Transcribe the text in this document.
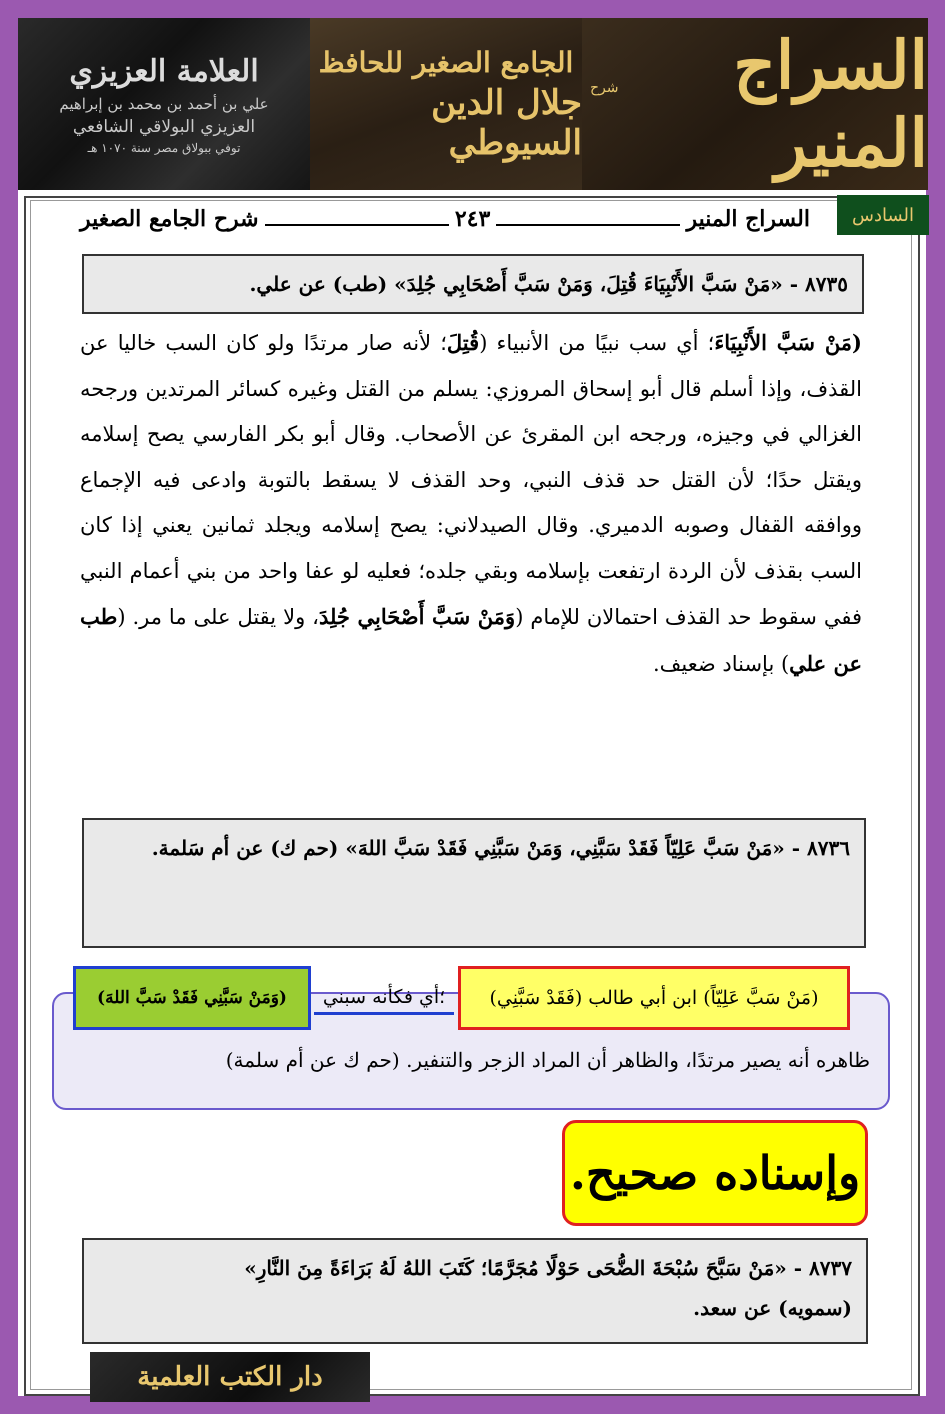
العلامة العزيزي
علي بن أحمد بن محمد بن إبراهيم
العزيزي البولاقي الشافعي
توفي ببولاق مصر سنة ١٠٧٠ هـ
الجامع الصغير للحافظ
جلال الدين السيوطي
السراج المنير
شرح
السادس
السراج المنير
٢٤٣
شرح الجامع الصغير
٨٧٣٥ - «مَنْ سَبَّ الأَنْبِيَاءَ قُتِلَ، وَمَنْ سَبَّ أَصْحَابِي جُلِدَ» (طب) عن علي.
(مَنْ سَبَّ الأَنْبِيَاءَ؛ أي سب نبيًا من الأنبياء (قُتِلَ؛ لأنه صار مرتدًا ولو كان السب خاليا عن القذف، وإذا أسلم قال أبو إسحاق المروزي: يسلم من القتل وغيره كسائر المرتدين ورجحه الغزالي في وجيزه، ورجحه ابن المقرئ عن الأصحاب. وقال أبو بكر الفارسي يصح إسلامه ويقتل حدًا؛ لأن القتل حد قذف النبي، وحد القذف لا يسقط بالتوبة وادعى فيه الإجماع ووافقه القفال وصوبه الدميري. وقال الصيدلاني: يصح إسلامه ويجلد ثمانين يعني إذا كان السب بقذف لأن الردة ارتفعت بإسلامه وبقي جلده؛ فعليه لو عفا واحد من بني أعمام النبي ففي سقوط حد القذف احتمالان للإمام (وَمَنْ سَبَّ أَصْحَابِي جُلِدَ، ولا يقتل على ما مر. (طب عن علي) بإسناد ضعيف.
٨٧٣٦ - «مَنْ سَبَّ عَلِيّاً فَقَدْ سَبَّنِي، وَمَنْ سَبَّنِي فَقَدْ سَبَّ اللهَ» (حم ك) عن أم سَلمة.
(مَنْ سَبَّ عَلِيّاً) ابن أبي طالب (فَقَدْ سَبَّنِي)
؛أي فكأنه سبني
(وَمَنْ سَبَّنِي فَقَدْ سَبَّ اللهَ)
ظاهره أنه يصير مرتدًا، والظاهر أن المراد الزجر والتنفير. (حم ك عن أم سلمة)
وإسناده صحيح.
٨٧٣٧ - «مَنْ سَبَّحَ سُبْحَةَ الضُّحَى حَوْلًا مُجَرَّمًا؛ كَتَبَ اللهُ لَهُ بَرَاءَةً مِنَ النَّارِ»
(سمويه) عن سعد.
دار الكتب العلمية
